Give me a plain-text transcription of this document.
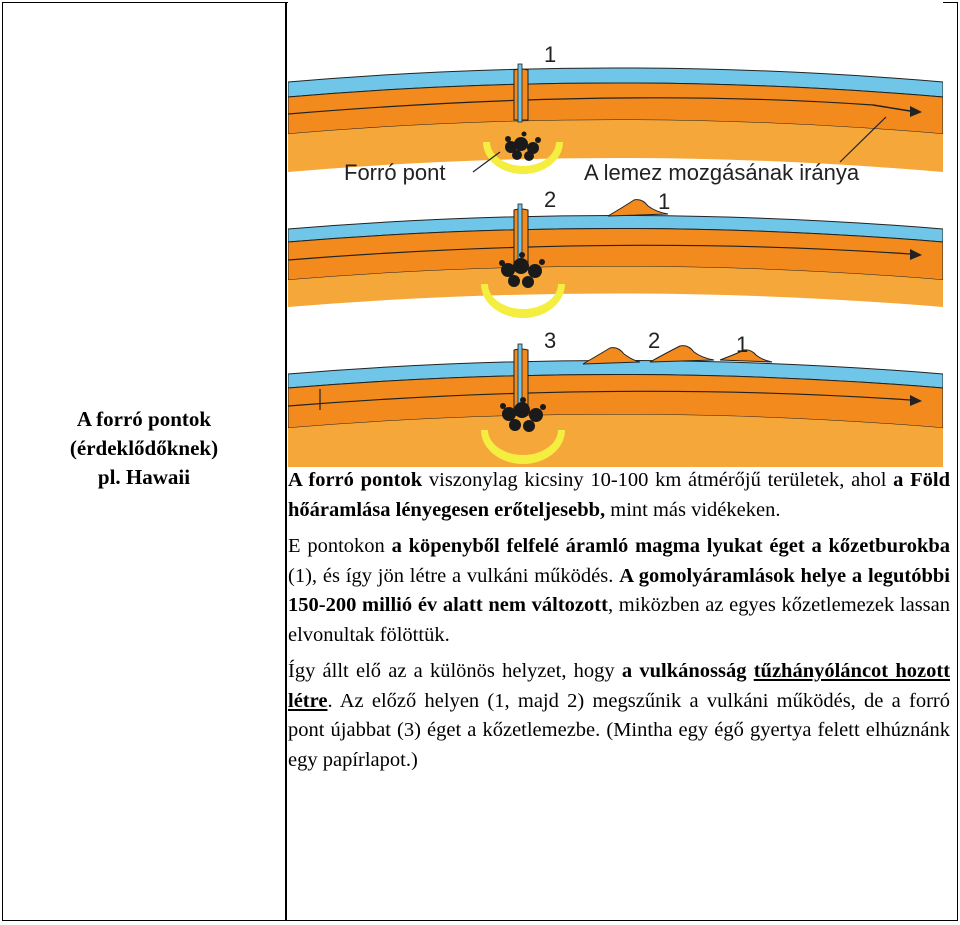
A forró pontok
(érdeklődőknek)
pl. Hawaii
1
Forró pont	A lemez mozgásának iránya
2	1
3	2	1

A forró pontok viszonylag kicsiny 10-100 km átmérőjű területek, ahol a Föld hőáramlása lényegesen erőteljesebb, mint más vidékeken.

E pontokon a köpenyből felfelé áramló magma lyukat éget a kőzetburokba (1), és így jön létre a vulkáni működés. A gomolyáramlások helye a legutóbbi 150-200 millió év alatt nem változott, miközben az egyes kőzetlemezek lassan elvonultak fölöttük.

Így állt elő az a különös helyzet, hogy a vulkánosság tűzhányóláncot hozott létre. Az előző helyen (1, majd 2) megszűnik a vulkáni működés, de a forró pont újabbat (3) éget a kőzetlemezbe. (Mintha egy égő gyertya felett elhúznánk egy papírlapot.)
